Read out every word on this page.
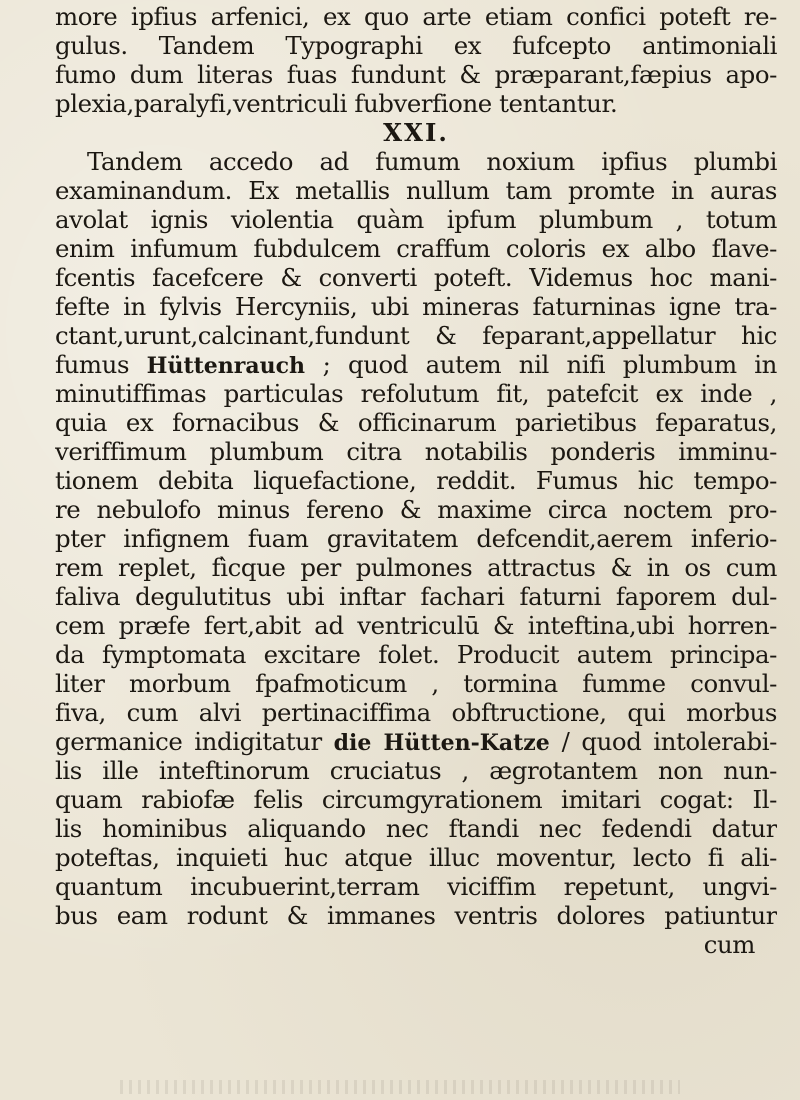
more ipfius arfenici, ex quo arte etiam confici poteft re-
gulus. Tandem Typographi ex fufcepto antimoniali
fumo dum literas fuas fundunt & præparant,fæpius apo-
plexia,paralyfi,ventriculi fubverfione tentantur.
XXI.
Tandem accedo ad fumum noxium ipfius plumbi
examinandum. Ex metallis nullum tam promte in auras
avolat ignis violentia quàm ipfum plumbum , totum
enim infumum fubdulcem craffum coloris ex albo flave-
fcentis facefcere & converti poteft. Videmus hoc mani-
fefte in fylvis Hercyniis, ubi mineras faturninas igne tra-
ctant,urunt,calcinant,fundunt & feparant,appellatur hic
fumus Hüttenrauch ; quod autem nil nifi plumbum in
minutiffimas particulas refolutum fit, patefcit ex inde ,
quia ex fornacibus & officinarum parietibus feparatus,
veriffimum plumbum citra notabilis ponderis imminu-
tionem debita liquefactione, reddit. Fumus hic tempo-
re nebulofo minus fereno & maxime circa noctem pro-
pter infignem fuam gravitatem defcendit,aerem inferio-
rem replet, fìcque per pulmones attractus & in os cum
faliva degulutitus ubi inftar fachari faturni faporem dul-
cem præfe fert,abit ad ventriculū & inteftina,ubi horren-
da fymptomata excitare folet. Producit autem principa-
liter morbum fpafmoticum , tormina fumme convul-
fiva, cum alvi pertinaciffima obftructione, qui morbus
germanice indigitatur die Hütten-Katze / quod intolerabi-
lis ille inteftinorum cruciatus , ægrotantem non nun-
quam rabiofæ felis circumgyrationem imitari cogat: Il-
lis hominibus aliquando nec ftandi nec fedendi datur
poteftas, inquieti huc atque illuc moventur, lecto fi ali-
quantum incubuerint,terram viciffim repetunt, ungvi-
bus eam rodunt & immanes ventris dolores patiuntur
cum
